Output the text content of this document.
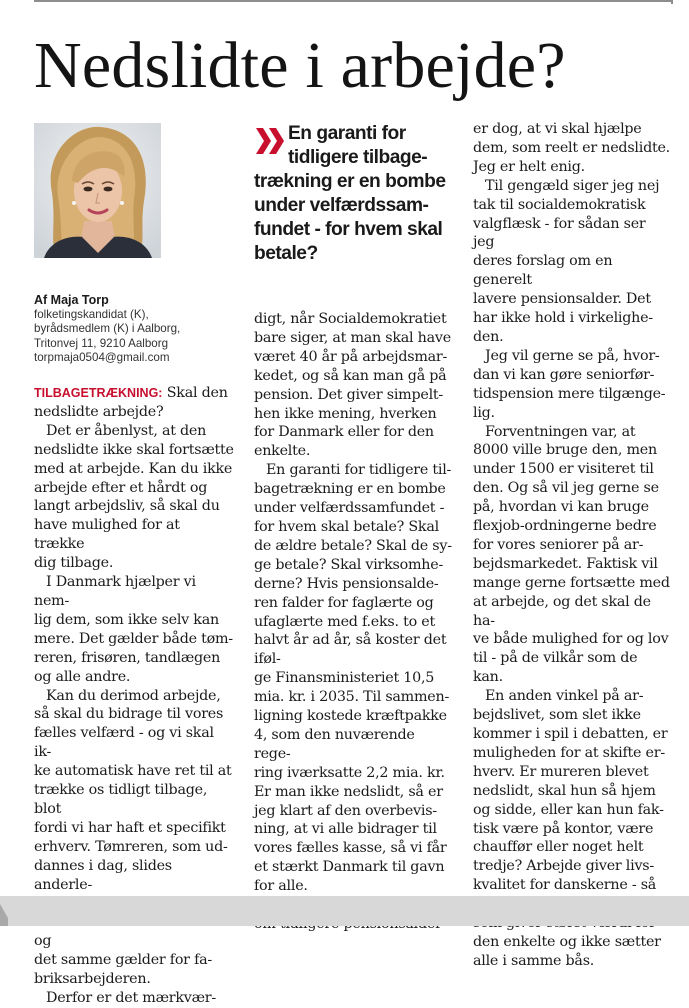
Nedslidte i arbejde?
Af Maja Torp
folketingskandidat (K),
byrådsmedlem (K) i Aalborg,
Tritonvej 11, 9210 Aalborg
torpmaja0504@gmail.com
En garanti for
tidligere tilbage-
trækning er en bombe
under velfærdssam-
fundet - for hvem skal
betale?

TILBAGETRÆKNING: Skal den
nedslidte arbejde?

Det er åbenlyst, at den
nedslidte ikke skal fortsætte
med at arbejde. Kan du ikke
arbejde efter et hårdt og
langt arbejdsliv, så skal du
have mulighed for at trække
dig tilbage.

I Danmark hjælper vi nem-
lig dem, som ikke selv kan
mere. Det gælder både tøm-
reren, frisøren, tandlægen
og alle andre.

Kan du derimod arbejde,
så skal du bidrage til vores
fælles velfærd - og vi skal ik-
ke automatisk have ret til at
trække os tidligt tilbage, blot
fordi vi har haft et specifikt
erhverv. Tømreren, som ud-
dannes i dag, slides anderle-

og
det samme gælder for fa-
briksarbejderen.

Derfor er det mærkvær-

digt, når Socialdemokratiet
bare siger, at man skal have
været 40 år på arbejdsmar-
kedet, og så kan man gå på
pension. Det giver simpelt-
hen ikke mening, hverken
for Danmark eller for den
enkelte.

En garanti for tidligere til-
bagetrækning er en bombe
under velfærdssamfundet -
for hvem skal betale? Skal
de ældre betale? Skal de sy-
ge betale? Skal virksomhe-
derne? Hvis pensionsalde-
ren falder for faglærte og
ufaglærte med f.eks. to et
halvt år ad år, så koster det iføl-
ge Finansministeriet 10,5
mia. kr. i 2035. Til sammen-
ligning kostede kræftpakke
4, som den nuværende rege-
ring iværksatte 2,2 mia. kr.
Er man ikke nedslidt, så er
jeg klart af den overbevis-
ning, at vi alle bidrager til
vores fælles kasse, så vi får
et stærkt Danmark til gavn
for alle.

er dog, at vi skal hjælpe
dem, som reelt er nedslidte.
Jeg er helt enig.

Til gengæld siger jeg nej
tak til socialdemokratisk
valgflæsk - for sådan ser jeg
deres forslag om en generelt
lavere pensionsalder. Det
har ikke hold i virkelighe-
den.

Jeg vil gerne se på, hvor-
dan vi kan gøre seniorfør-
tidspension mere tilgænge-
lig.

Forventningen var, at
8000 ville bruge den, men
under 1500 er visiteret til
den. Og så vil jeg gerne se
på, hvordan vi kan bruge
flexjob-ordningerne bedre
for vores seniorer på ar-
bejdsmarkedet. Faktisk vil
mange gerne fortsætte med
at arbejde, og det skal de ha-
ve både mulighed for og lov
til - på de vilkår som de kan.

En anden vinkel på ar-
bejdslivet, som slet ikke
kommer i spil i debatten, er
muligheden for at skifte er-
hverv. Er mureren blevet
nedslidt, skal hun så hjem
og sidde, eller kan hun fak-
tisk være på kontor, være
chauffør eller noget helt
tredje? Arbejde giver livs-
kvalitet for danskerne - så

den enkelte og ikke sætter
alle i samme bås.
